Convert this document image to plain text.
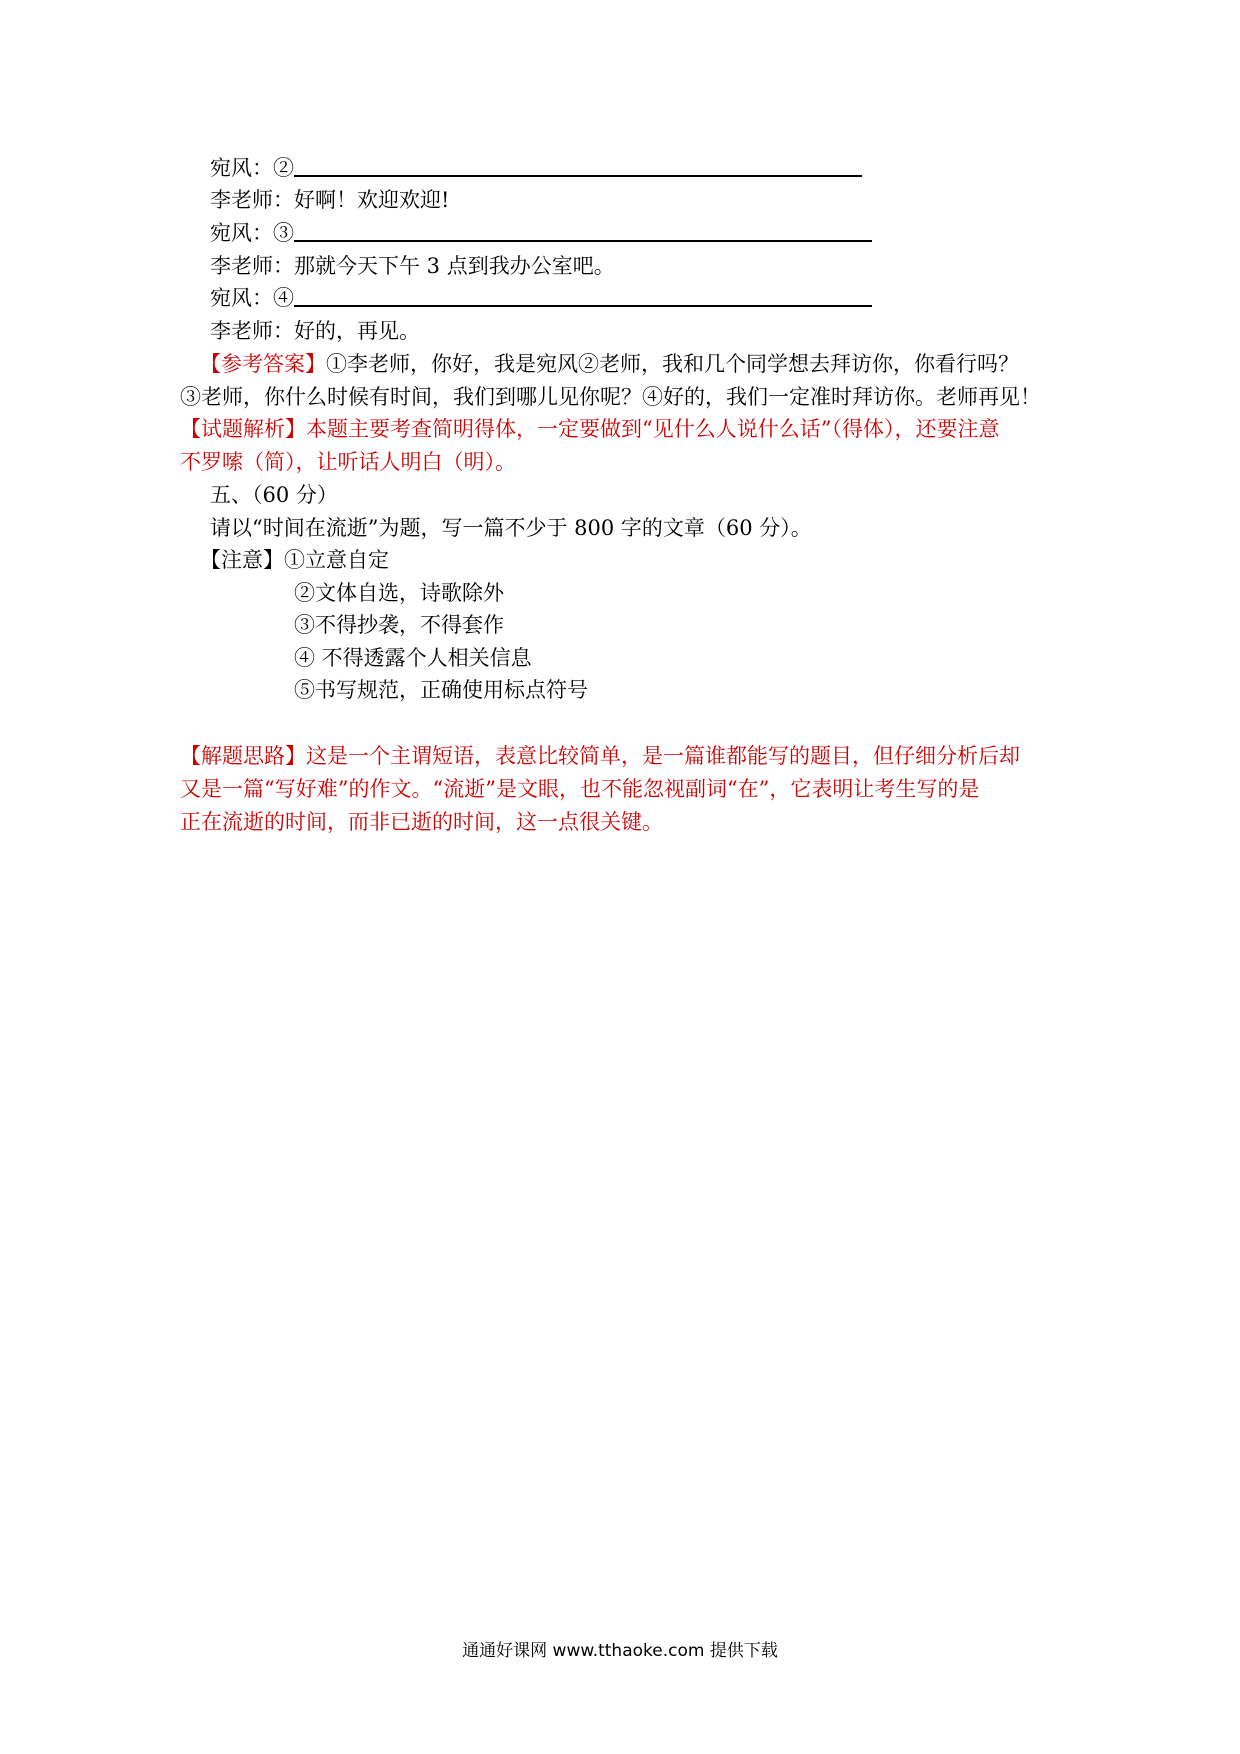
宛风：②
李老师：好啊！欢迎欢迎!
宛风：③
李老师：那就今天下午 3 点到我办公室吧。
宛风：④
李老师：好的，再见。
【参考答案】①李老师，你好，我是宛风②老师，我和几个同学想去拜访你，你看行吗？
③老师，你什么时候有时间，我们到哪儿见你呢？④好的，我们一定准时拜访你。老师再见！
【试题解析】本题主要考查简明得体，一定要做到“见什么人说什么话”（得体），还要注意
不罗嗦（简），让听话人明白（明）。
五、（60 分）
请以“时间在流逝”为题，写一篇不少于 800 字的文章（60 分）。
【注意】①立意自定
②文体自选，诗歌除外
③不得抄袭，不得套作
④ 不得透露个人相关信息
⑤书写规范，正确使用标点符号
【解题思路】这是一个主谓短语，表意比较简单，是一篇谁都能写的题目，但仔细分析后却
又是一篇“写好难”的作文。“流逝”是文眼，也不能忽视副词“在”，它表明让考生写的是
正在流逝的时间，而非已逝的时间，这一点很关键。
通通好课网 www.tthaoke.com 提供下载
